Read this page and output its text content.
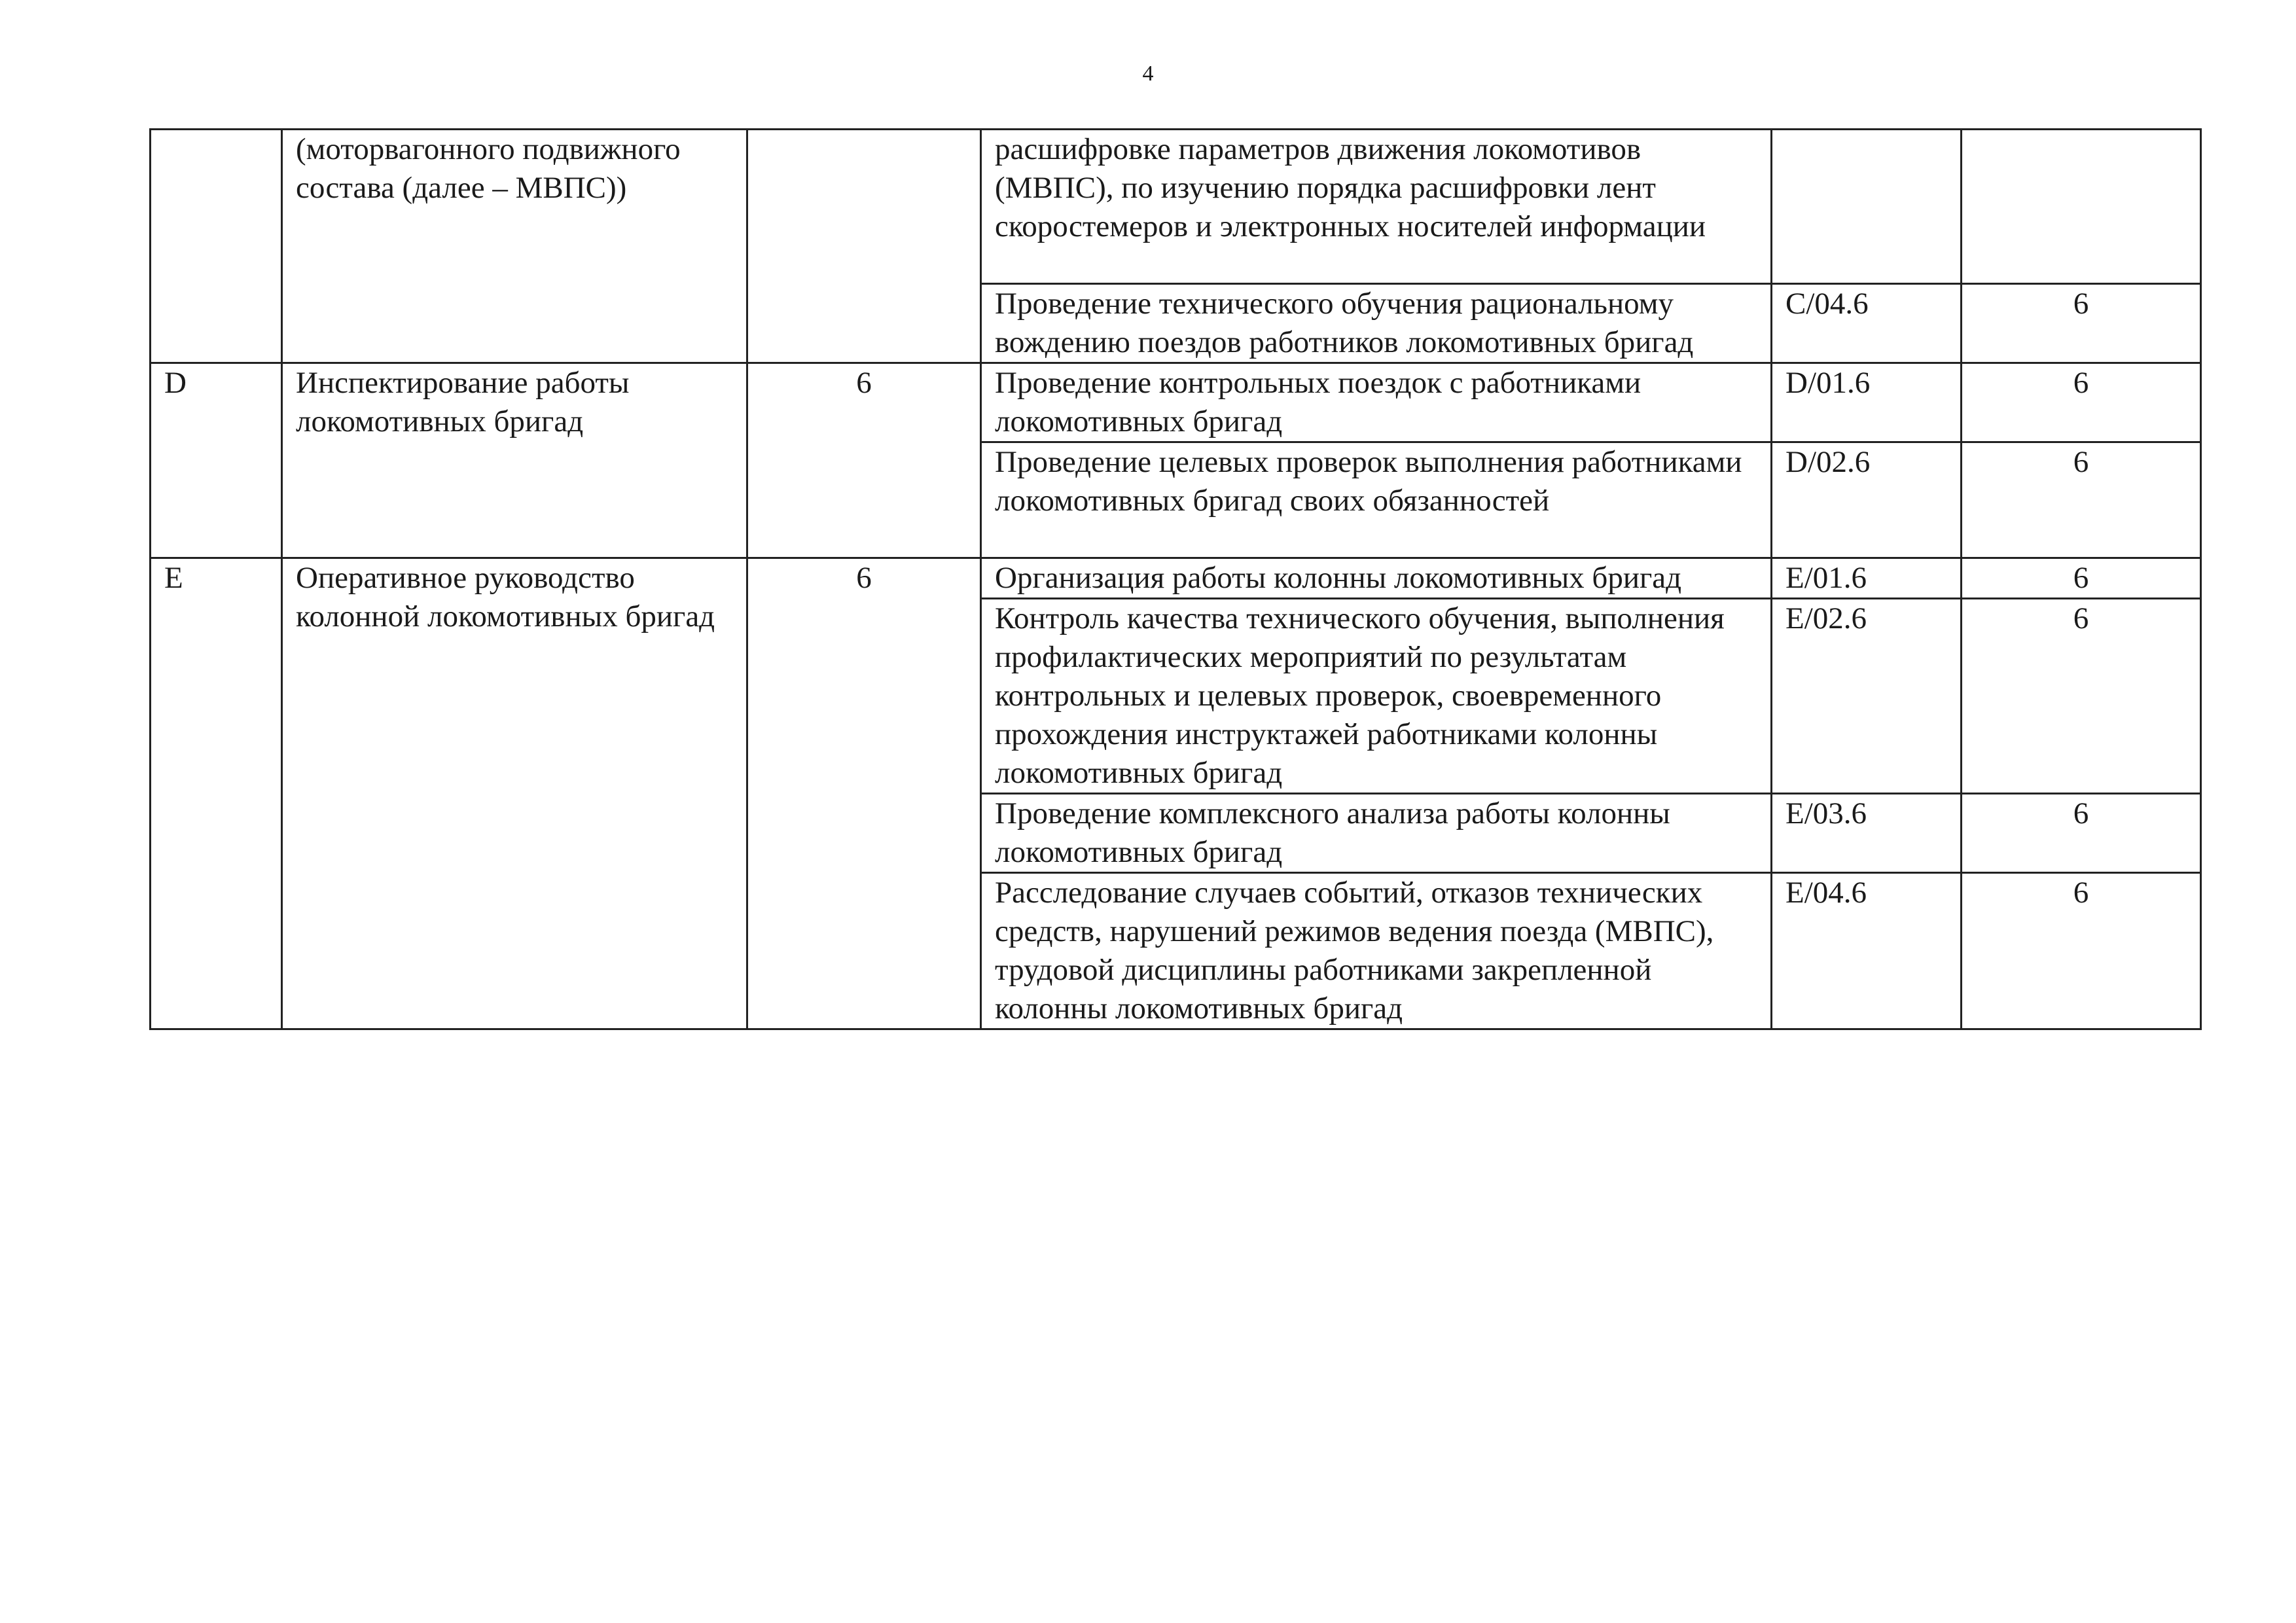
4
	(моторвагонного подвижного состава (далее – МВПС))		расшифровке параметров движения локомотивов (МВПС), по изучению порядка расшифровки лент скоростемеров и электронных носителей информации		
			Проведение технического обучения рациональному вождению поездов работников локомотивных бригад	C/04.6	6
D	Инспектирование работы локомотивных бригад	6	Проведение контрольных поездок с работниками локомотивных бригад	D/01.6	6
			Проведение целевых проверок выполнения работниками локомотивных бригад своих обязанностей	D/02.6	6
E	Оперативное руководство колонной локомотивных бригад	6	Организация работы колонны локомотивных бригад	E/01.6	6
			Контроль качества технического обучения, выполнения профилактических мероприятий по результатам контрольных и целевых проверок, своевременного прохождения инструктажей работниками колонны локомотивных бригад	E/02.6	6
			Проведение комплексного анализа работы колонны локомотивных бригад	E/03.6	6
			Расследование случаев событий, отказов технических средств, нарушений режимов ведения поезда (МВПС), трудовой дисциплины работниками закрепленной колонны локомотивных бригад	E/04.6	6
